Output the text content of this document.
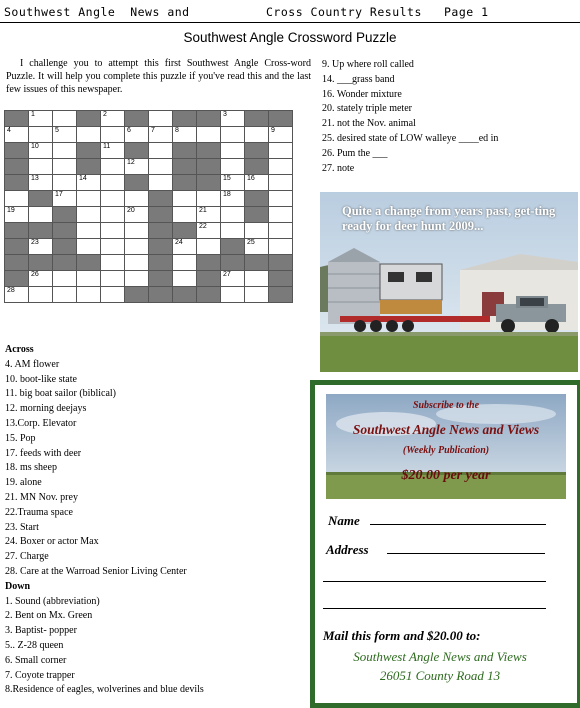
Southwest Angle  News and	Cross Country Results Page 1
Southwest Angle Crossword Puzzle
I challenge you to attempt this first Southwest Angle Cross-word Puzzle. It will help you complete this puzzle if you've read this and the last few issues of this newspaper.

	1			2					3		

4		5			6	7	8				9

	10			11							

					12						

	13		14						15	16	

		17							18		

19					20			21			

								22			

	23						24			25	

	26								27		

28											

Across
4. AM flower
10. boot-like state
11. big boat sailor (biblical)
12. morning deejays
13.Corp. Elevator
15. Pop
17. feeds with deer
18. ms sheep
19. alone
21. MN Nov. prey
22.Trauma space
23. Start
24. Boxer or actor Max
27. Charge
28. Care at the Warroad Senior Living Center
Down
1. Sound (abbreviation)
2. Bent on Mx. Green
3. Baptist- popper
5.. Z-28 queen
6. Small corner
7. Coyote trapper
8.Residence of eagles, wolverines and blue devils
9. Up where roll called
14. ___grass band
16. Wonder mixture
20. stately triple meter
21. not the Nov. animal
25. desired state of LOW walleye ____ed in
26. Pum the ___
27. note
Quite a change from years past, get-ting ready for deer hunt 2009...
Subscribe to the
Southwest Angle News and Views
(Weekly Publication)
$20.00 per year
Name
Address
Mail this form and $20.00 to:
Southwest Angle News and Views
26051 County Road 13
